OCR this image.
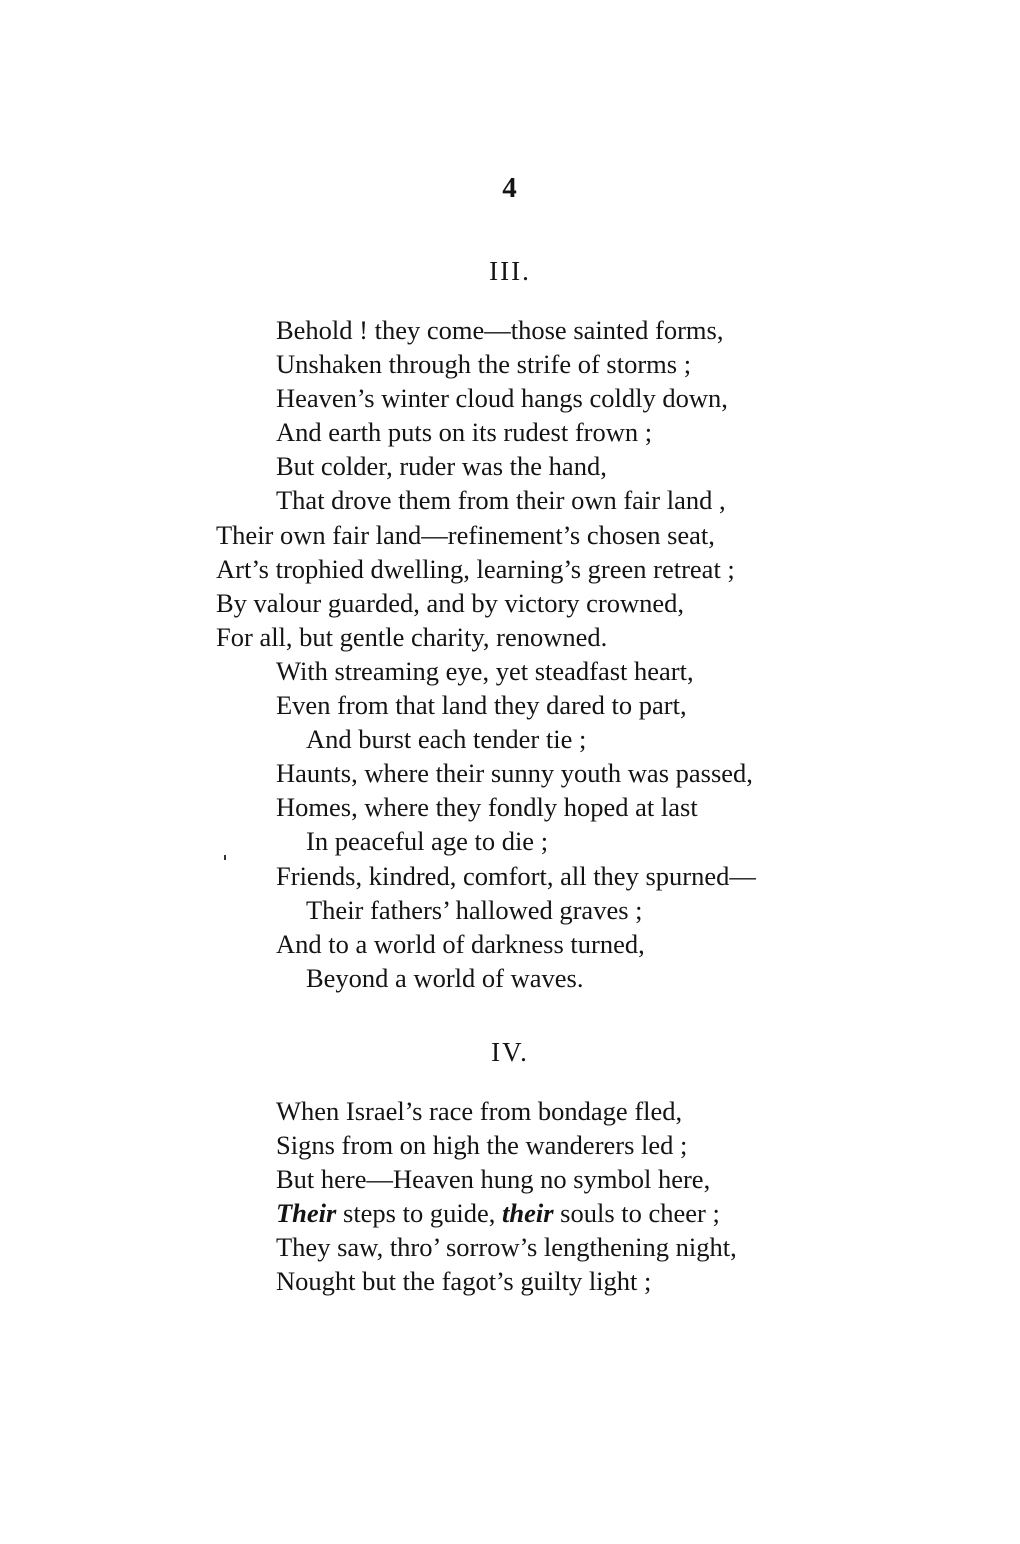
4
III.
Behold ! they come—those sainted forms,
Unshaken through the strife of storms ;
Heaven’s winter cloud hangs coldly down,
And earth puts on its rudest frown ;
But colder, ruder was the hand,
That drove them from their own fair land ,
Their own fair land—refinement’s chosen seat,
Art’s trophied dwelling, learning’s green retreat ;
By valour guarded, and by victory crowned,
For all, but gentle charity, renowned.
With streaming eye, yet steadfast heart,
Even from that land they dared to part,
And burst each tender tie ;
Haunts, where their sunny youth was passed,
Homes, where they fondly hoped at last
In peaceful age to die ;
Friends, kindred, comfort, all they spurned—
Their fathers’ hallowed graves ;
And to a world of darkness turned,
Beyond a world of waves.
IV.
When Israel’s race from bondage fled,
Signs from on high the wanderers led ;
But here—Heaven hung no symbol here,
Their steps to guide, their souls to cheer ;
They saw, thro’ sorrow’s lengthening night,
Nought but the fagot’s guilty light ;
